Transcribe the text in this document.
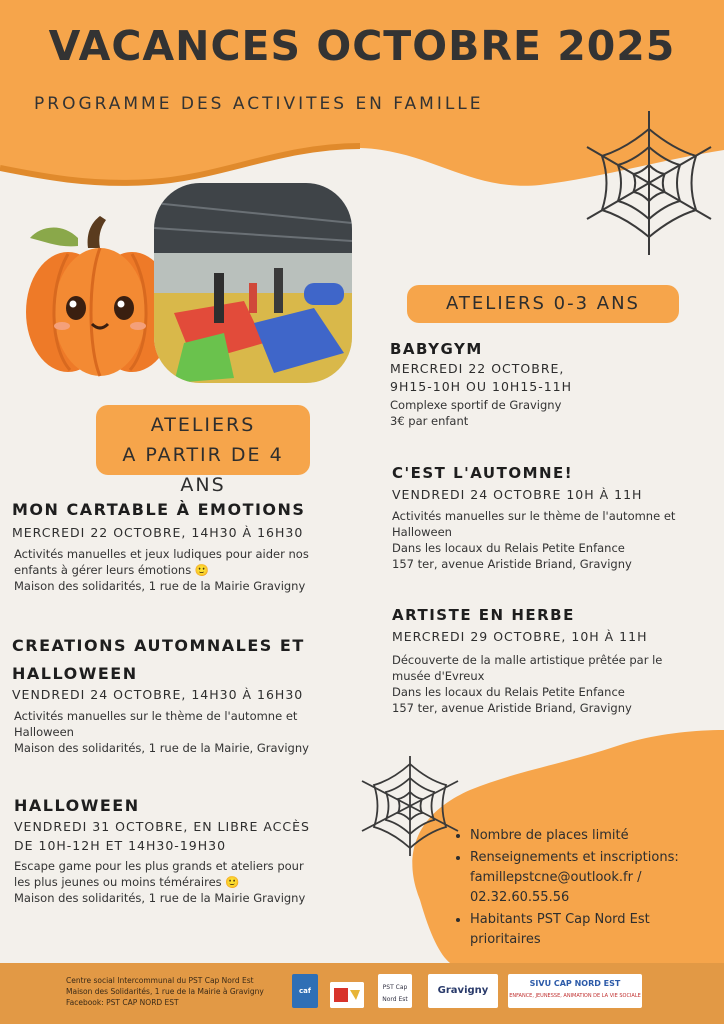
VACANCES OCTOBRE 2025
PROGRAMME DES ACTIVITES EN FAMILLE
ATELIERS
A PARTIR DE 4 ANS
ATELIERS 0-3 ANS
MON CARTABLE À EMOTIONS
MERCREDI 22 OCTOBRE, 14H30 À 16H30
Activités manuelles et jeux ludiques pour aider nos
enfants à gérer leurs émotions 🙂
Maison des solidarités, 1 rue de la Mairie Gravigny
CREATIONS AUTOMNALES ET
HALLOWEEN
VENDREDI 24 OCTOBRE, 14H30 À 16H30
Activités manuelles sur le thème de l'automne et
Halloween
Maison des solidarités, 1 rue de la Mairie, Gravigny
HALLOWEEN
VENDREDI 31 OCTOBRE, EN LIBRE ACCÈS
DE 10H-12H ET 14H30-19H30
Escape game pour les plus grands et ateliers pour
les plus jeunes ou moins téméraires 🙂
Maison des solidarités, 1 rue de la Mairie Gravigny
BABYGYM
MERCREDI 22 OCTOBRE,
9H15-10H OU 10H15-11H
Complexe sportif de Gravigny
3€ par enfant
C'EST L'AUTOMNE!
VENDREDI 24 OCTOBRE 10H À 11H
Activités manuelles sur le thème de l'automne et
Halloween
Dans les locaux du Relais Petite Enfance
157 ter, avenue Aristide Briand, Gravigny
ARTISTE EN HERBE
MERCREDI 29 OCTOBRE, 10H À 11H
Découverte de la malle artistique prêtée par le
musée d'Evreux
Dans les locaux du Relais Petite Enfance
157 ter, avenue Aristide Briand, Gravigny
• Nombre de places limité
• Renseignements et inscriptions:
famillepstcne@outlook.fr /
02.32.60.55.56
• Habitants PST Cap Nord Est
prioritaires
Centre social Intercommunal du PST Cap Nord Est
Maison des Solidarités, 1 rue de la Mairie à Gravigny
Facebook: PST CAP NORD EST
caf	PST Cap Nord Est
Gravigny
SIVU CAP NORD EST
ENFANCE, JEUNESSE, ANIMATION DE LA VIE SOCIALE
